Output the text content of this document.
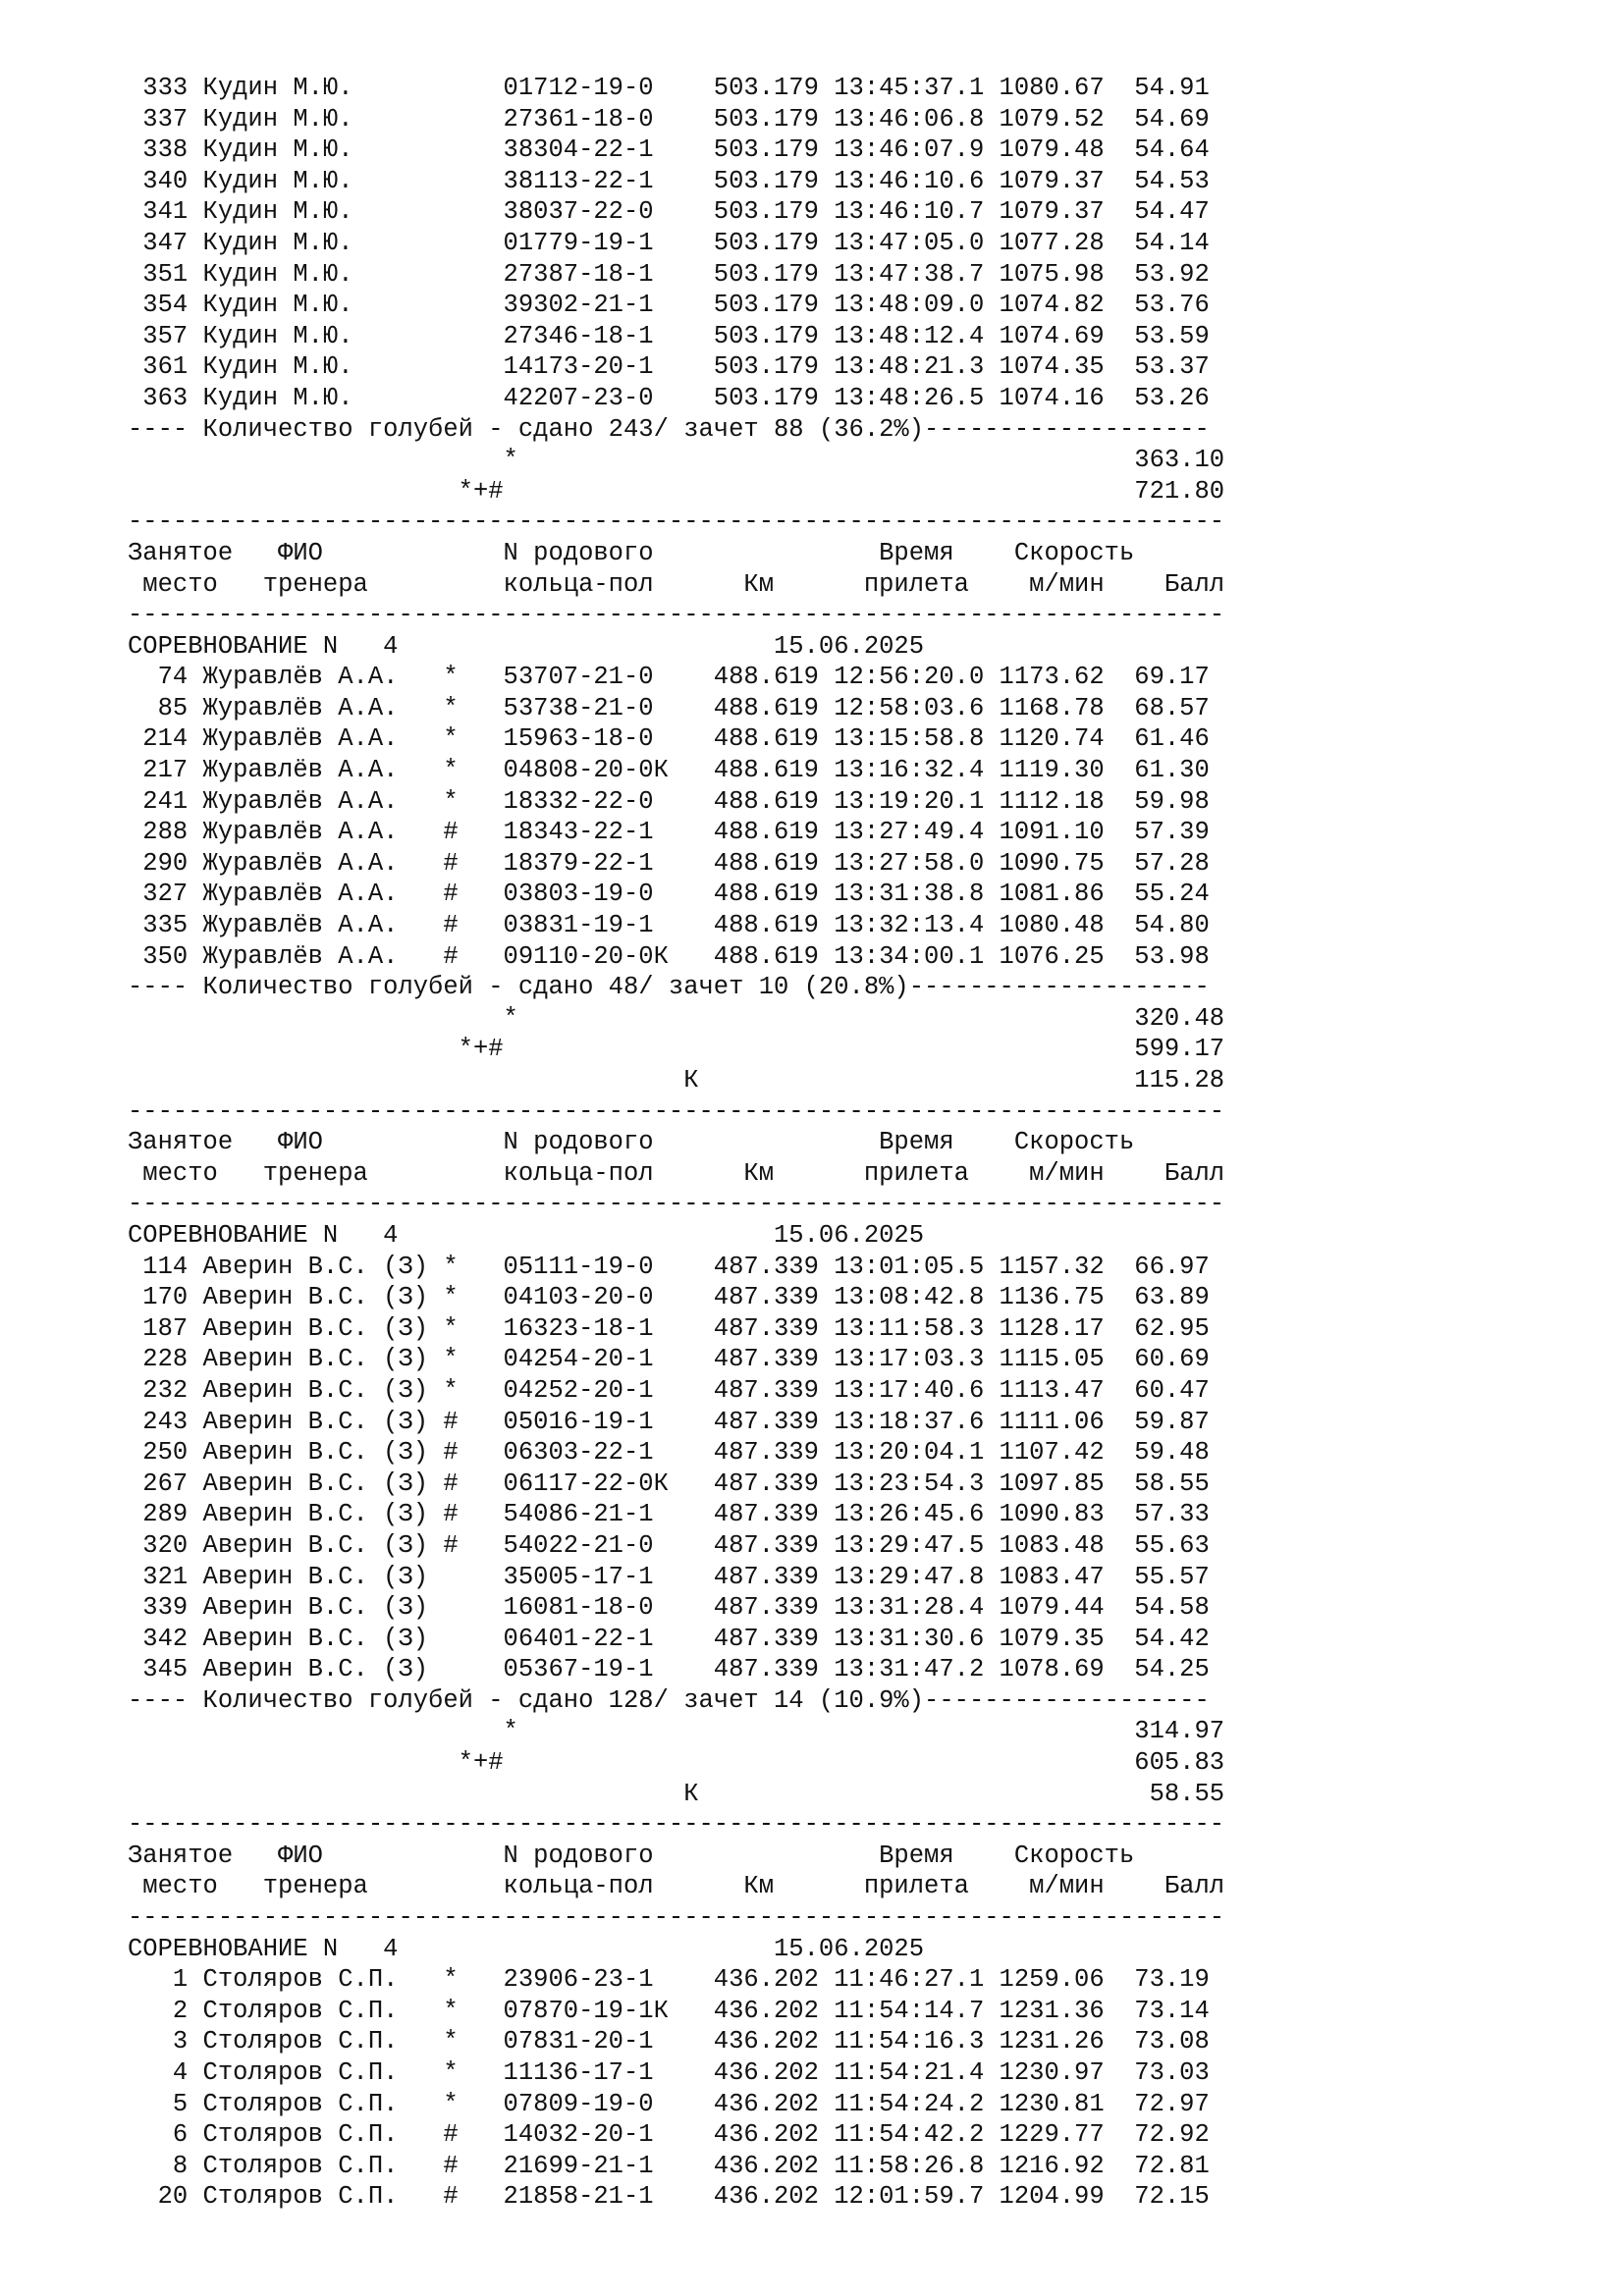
333 Кудин М.Ю.          01712-19-0    503.179 13:45:37.1 1080.67  54.91
337 Кудин М.Ю.          27361-18-0    503.179 13:46:06.8 1079.52  54.69
338 Кудин М.Ю.          38304-22-1    503.179 13:46:07.9 1079.48  54.64
340 Кудин М.Ю.          38113-22-1    503.179 13:46:10.6 1079.37  54.53
341 Кудин М.Ю.          38037-22-0    503.179 13:46:10.7 1079.37  54.47
347 Кудин М.Ю.          01779-19-1    503.179 13:47:05.0 1077.28  54.14
351 Кудин М.Ю.          27387-18-1    503.179 13:47:38.7 1075.98  53.92
354 Кудин М.Ю.          39302-21-1    503.179 13:48:09.0 1074.82  53.76
357 Кудин М.Ю.          27346-18-1    503.179 13:48:12.4 1074.69  53.59
361 Кудин М.Ю.          14173-20-1    503.179 13:48:21.3 1074.35  53.37
363 Кудин М.Ю.          42207-23-0    503.179 13:48:26.5 1074.16  53.26
---- Количество голубей - сдано 243/ зачет 88 (36.2%)-------------------
*                                         363.10
*+#                                          721.80
-------------------------------------------------------------------------
Занятое   ФИО            N родового               Время    Скорость
место   тренера         кольца-пол      Км      прилета    м/мин    Балл
-------------------------------------------------------------------------
СОРЕВНОВАНИЕ N   4                         15.06.2025
74 Журавлёв А.А.   *   53707-21-0    488.619 12:56:20.0 1173.62  69.17
85 Журавлёв А.А.   *   53738-21-0    488.619 12:58:03.6 1168.78  68.57
214 Журавлёв А.А.   *   15963-18-0    488.619 13:15:58.8 1120.74  61.46
217 Журавлёв А.А.   *   04808-20-0К   488.619 13:16:32.4 1119.30  61.30
241 Журавлёв А.А.   *   18332-22-0    488.619 13:19:20.1 1112.18  59.98
288 Журавлёв А.А.   #   18343-22-1    488.619 13:27:49.4 1091.10  57.39
290 Журавлёв А.А.   #   18379-22-1    488.619 13:27:58.0 1090.75  57.28
327 Журавлёв А.А.   #   03803-19-0    488.619 13:31:38.8 1081.86  55.24
335 Журавлёв А.А.   #   03831-19-1    488.619 13:32:13.4 1080.48  54.80
350 Журавлёв А.А.   #   09110-20-0К   488.619 13:34:00.1 1076.25  53.98
---- Количество голубей - сдано 48/ зачет 10 (20.8%)--------------------
*                                         320.48
*+#                                          599.17
К                             115.28
-------------------------------------------------------------------------
Занятое   ФИО            N родового               Время    Скорость
место   тренера         кольца-пол      Км      прилета    м/мин    Балл
-------------------------------------------------------------------------
СОРЕВНОВАНИЕ N   4                         15.06.2025
114 Аверин В.С. (З) *   05111-19-0    487.339 13:01:05.5 1157.32  66.97
170 Аверин В.С. (З) *   04103-20-0    487.339 13:08:42.8 1136.75  63.89
187 Аверин В.С. (З) *   16323-18-1    487.339 13:11:58.3 1128.17  62.95
228 Аверин В.С. (З) *   04254-20-1    487.339 13:17:03.3 1115.05  60.69
232 Аверин В.С. (З) *   04252-20-1    487.339 13:17:40.6 1113.47  60.47
243 Аверин В.С. (З) #   05016-19-1    487.339 13:18:37.6 1111.06  59.87
250 Аверин В.С. (З) #   06303-22-1    487.339 13:20:04.1 1107.42  59.48
267 Аверин В.С. (З) #   06117-22-0К   487.339 13:23:54.3 1097.85  58.55
289 Аверин В.С. (З) #   54086-21-1    487.339 13:26:45.6 1090.83  57.33
320 Аверин В.С. (З) #   54022-21-0    487.339 13:29:47.5 1083.48  55.63
321 Аверин В.С. (З)     35005-17-1    487.339 13:29:47.8 1083.47  55.57
339 Аверин В.С. (З)     16081-18-0    487.339 13:31:28.4 1079.44  54.58
342 Аверин В.С. (З)     06401-22-1    487.339 13:31:30.6 1079.35  54.42
345 Аверин В.С. (З)     05367-19-1    487.339 13:31:47.2 1078.69  54.25
---- Количество голубей - сдано 128/ зачет 14 (10.9%)-------------------
*                                         314.97
*+#                                          605.83
К                              58.55
-------------------------------------------------------------------------
Занятое   ФИО            N родового               Время    Скорость
место   тренера         кольца-пол      Км      прилета    м/мин    Балл
-------------------------------------------------------------------------
СОРЕВНОВАНИЕ N   4                         15.06.2025
1 Столяров С.П.   *   23906-23-1    436.202 11:46:27.1 1259.06  73.19
2 Столяров С.П.   *   07870-19-1К   436.202 11:54:14.7 1231.36  73.14
3 Столяров С.П.   *   07831-20-1    436.202 11:54:16.3 1231.26  73.08
4 Столяров С.П.   *   11136-17-1    436.202 11:54:21.4 1230.97  73.03
5 Столяров С.П.   *   07809-19-0    436.202 11:54:24.2 1230.81  72.97
6 Столяров С.П.   #   14032-20-1    436.202 11:54:42.2 1229.77  72.92
8 Столяров С.П.   #   21699-21-1    436.202 11:58:26.8 1216.92  72.81
20 Столяров С.П.   #   21858-21-1    436.202 12:01:59.7 1204.99  72.15
